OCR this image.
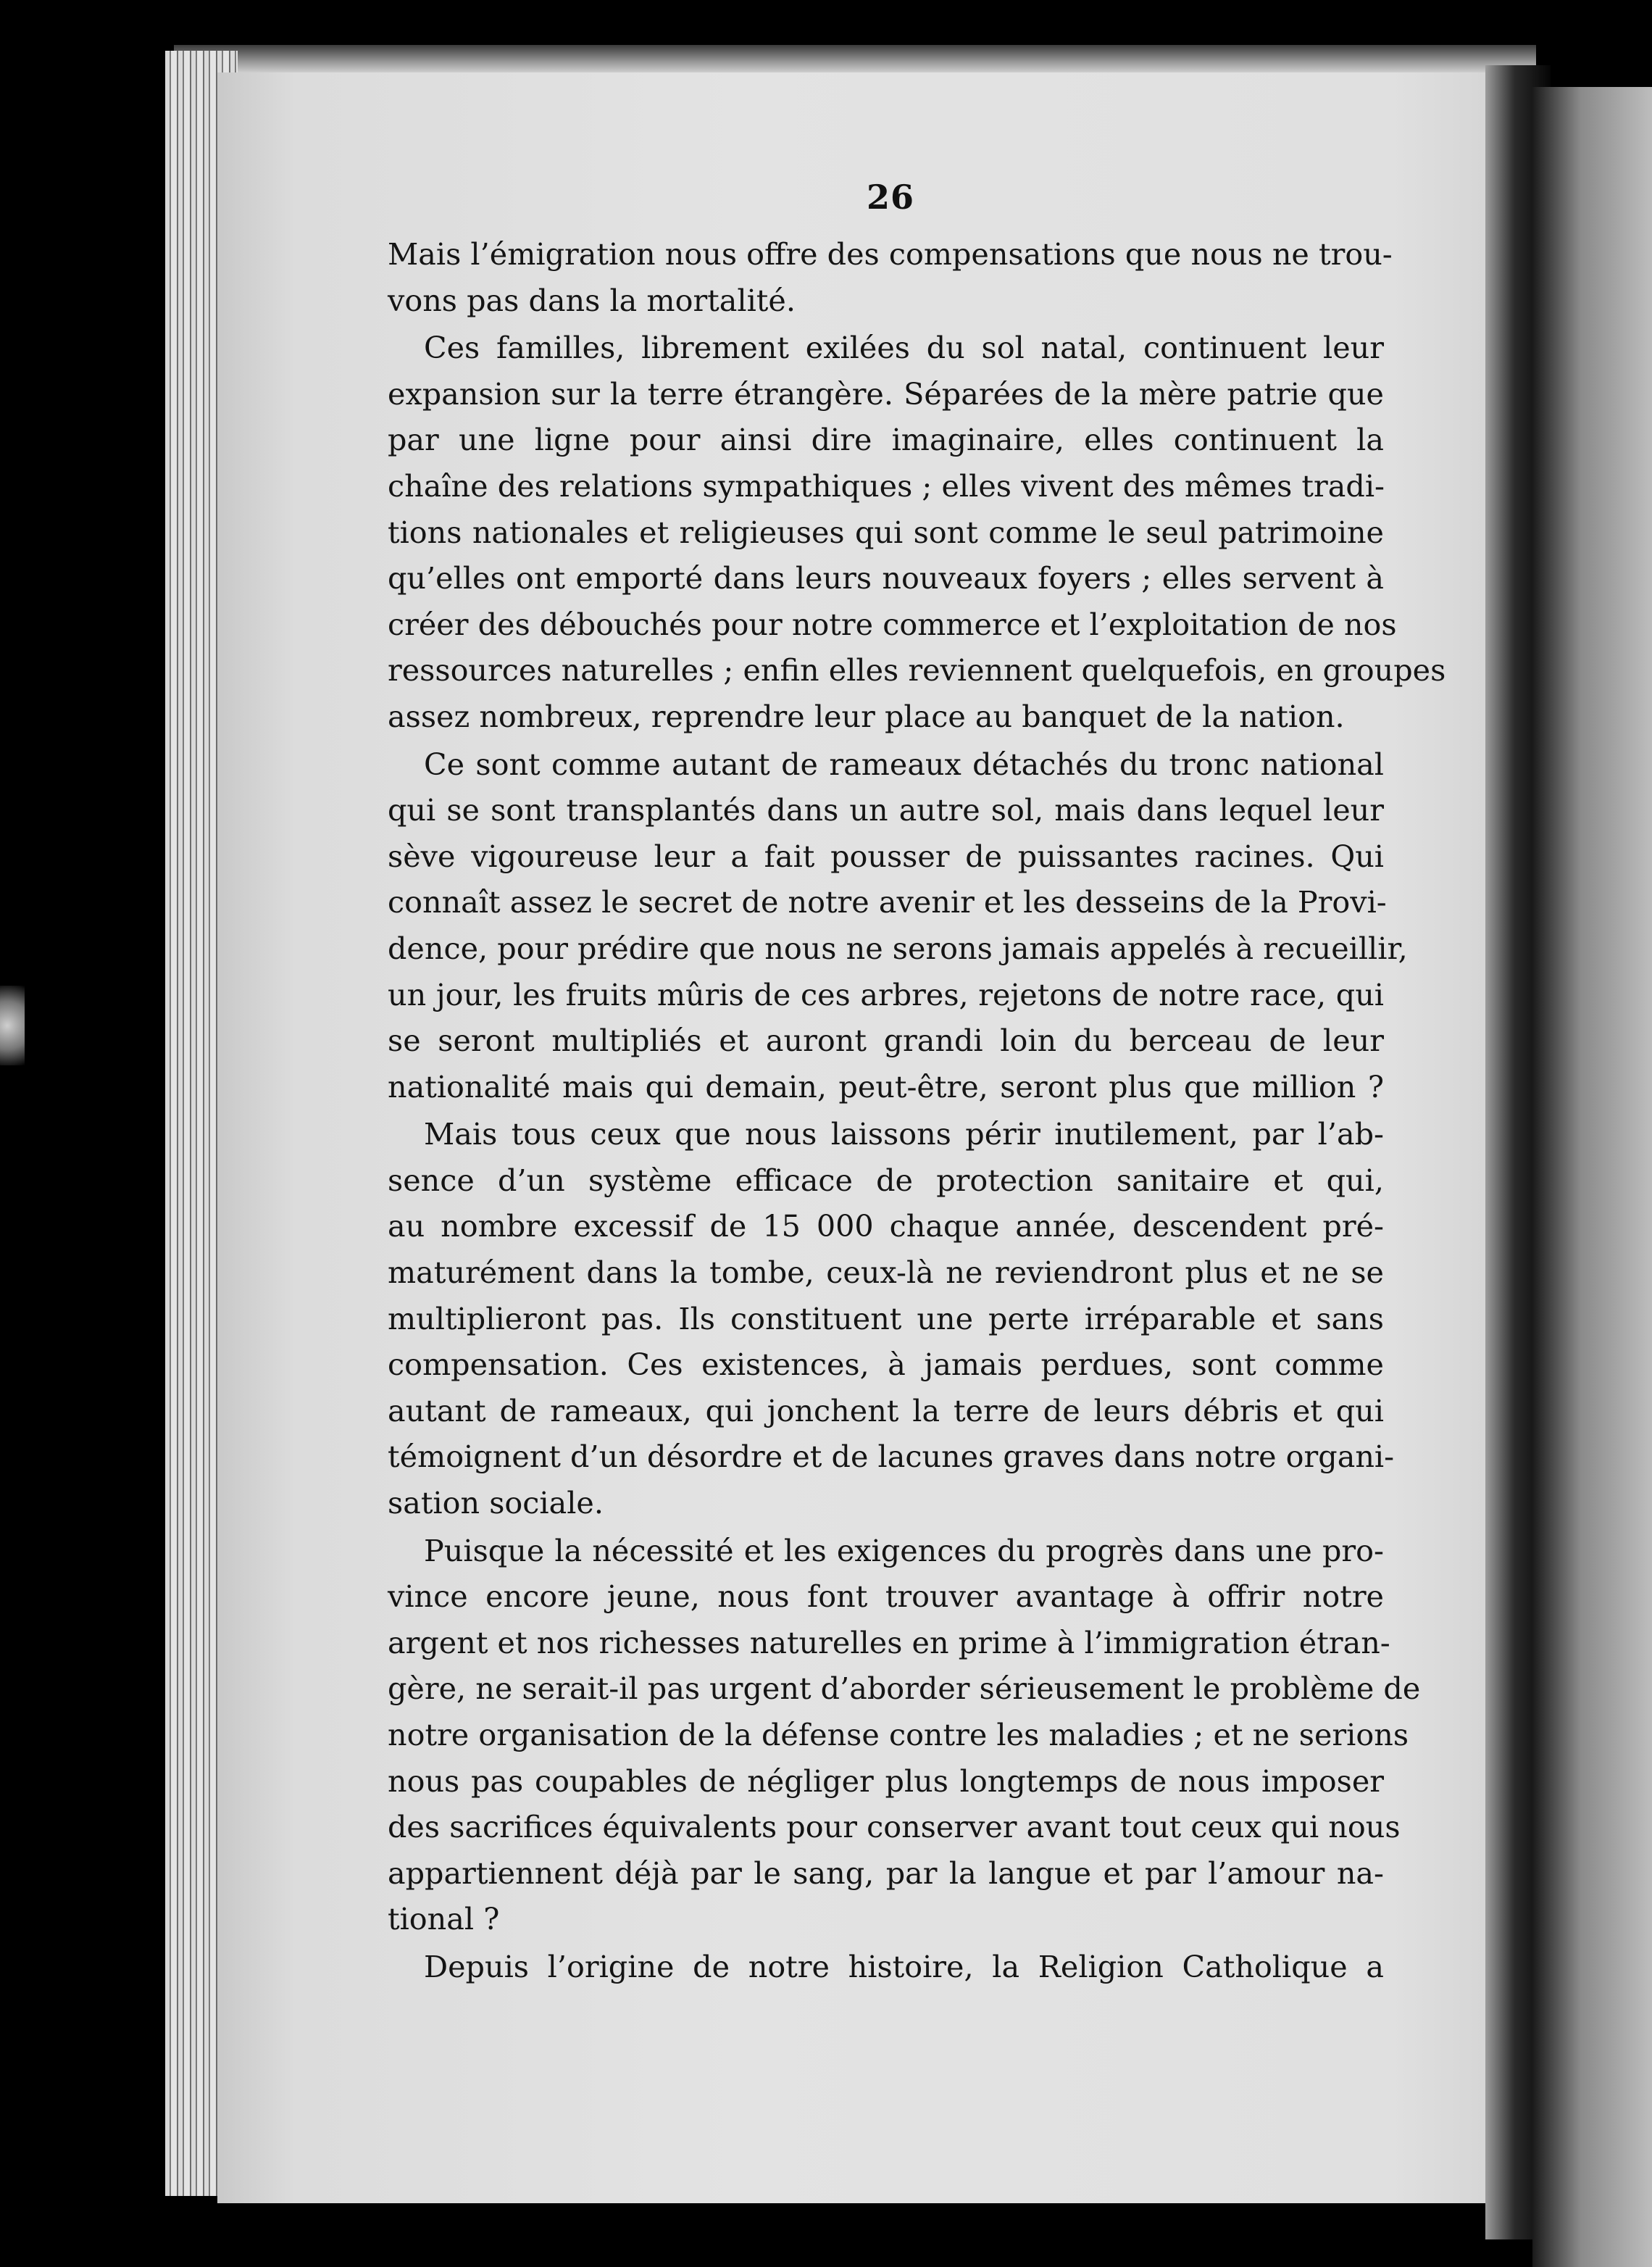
26
Mais l’émigration nous offre des compensations que nous ne trou-
vons pas dans la mortalité.
Ces familles, librement exilées du sol natal, continuent leur
expansion sur la terre étrangère. Séparées de la mère patrie que
par une ligne pour ainsi dire imaginaire, elles continuent la
chaîne des relations sympathiques ; elles vivent des mêmes tradi-
tions nationales et religieuses qui sont comme le seul patrimoine
qu’elles ont emporté dans leurs nouveaux foyers ; elles servent à
créer des débouchés pour notre commerce et l’exploitation de nos
ressources naturelles ; enfin elles reviennent quelquefois, en groupes
assez nombreux, reprendre leur place au banquet de la nation.
Ce sont comme autant de rameaux détachés du tronc national
qui se sont transplantés dans un autre sol, mais dans lequel leur
sève vigoureuse leur a fait pousser de puissantes racines. Qui
connaît assez le secret de notre avenir et les desseins de la Provi-
dence, pour prédire que nous ne serons jamais appelés à recueillir,
un jour, les fruits mûris de ces arbres, rejetons de notre race, qui
se seront multipliés et auront grandi loin du berceau de leur
nationalité mais qui demain, peut-être, seront plus que million ?
Mais tous ceux que nous laissons périr inutilement, par l’ab-
sence d’un système efficace de protection sanitaire et qui,
au nombre excessif de 15 000 chaque année, descendent pré-
maturément dans la tombe, ceux-là ne reviendront plus et ne se
multiplieront pas. Ils constituent une perte irréparable et sans
compensation. Ces existences, à jamais perdues, sont comme
autant de rameaux, qui jonchent la terre de leurs débris et qui
témoignent d’un désordre et de lacunes graves dans notre organi-
sation sociale.
Puisque la nécessité et les exigences du progrès dans une pro-
vince encore jeune, nous font trouver avantage à offrir notre
argent et nos richesses naturelles en prime à l’immigration étran-
gère, ne serait-il pas urgent d’aborder sérieusement le problème de
notre organisation de la défense contre les maladies ; et ne serions
nous pas coupables de négliger plus longtemps de nous imposer
des sacrifices équivalents pour conserver avant tout ceux qui nous
appartiennent déjà par le sang, par la langue et par l’amour na-
tional ?
Depuis l’origine de notre histoire, la Religion Catholique a
